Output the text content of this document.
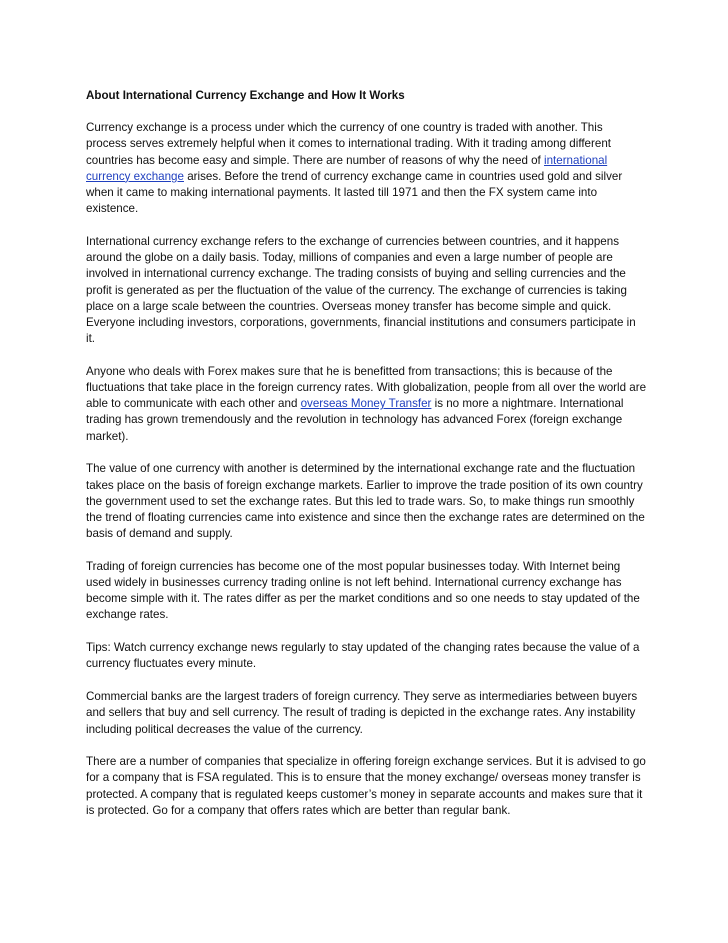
About International Currency Exchange and How It Works

Currency exchange is a process under which the currency of one country is traded with another. This process serves extremely helpful when it comes to international trading. With it trading among different countries has become easy and simple. There are number of reasons of why the need of international currency exchange arises. Before the trend of currency exchange came in countries used gold and silver when it came to making international payments. It lasted till 1971 and then the FX system came into existence.

International currency exchange refers to the exchange of currencies between countries, and it happens around the globe on a daily basis. Today, millions of companies and even a large number of people are involved in international currency exchange. The trading consists of buying and selling currencies and the profit is generated as per the fluctuation of the value of the currency. The exchange of currencies is taking place on a large scale between the countries. Overseas money transfer has become simple and quick. Everyone including investors, corporations, governments, financial institutions and consumers participate in it.

Anyone who deals with Forex makes sure that he is benefitted from transactions; this is because of the fluctuations that take place in the foreign currency rates. With globalization, people from all over the world are able to communicate with each other and overseas Money Transfer is no more a nightmare. International trading has grown tremendously and the revolution in technology has advanced Forex (foreign exchange market).

The value of one currency with another is determined by the international exchange rate and the fluctuation takes place on the basis of foreign exchange markets. Earlier to improve the trade position of its own country the government used to set the exchange rates. But this led to trade wars. So, to make things run smoothly the trend of floating currencies came into existence and since then the exchange rates are determined on the basis of demand and supply.

Trading of foreign currencies has become one of the most popular businesses today. With Internet being used widely in businesses currency trading online is not left behind. International currency exchange has become simple with it. The rates differ as per the market conditions and so one needs to stay updated of the exchange rates.

Tips: Watch currency exchange news regularly to stay updated of the changing rates because the value of a currency fluctuates every minute.

Commercial banks are the largest traders of foreign currency. They serve as intermediaries between buyers and sellers that buy and sell currency. The result of trading is depicted in the exchange rates. Any instability including political decreases the value of the currency.

There are a number of companies that specialize in offering foreign exchange services. But it is advised to go for a company that is FSA regulated. This is to ensure that the money exchange/ overseas money transfer is protected. A company that is regulated keeps customer’s money in separate accounts and makes sure that it is protected. Go for a company that offers rates which are better than regular bank.
